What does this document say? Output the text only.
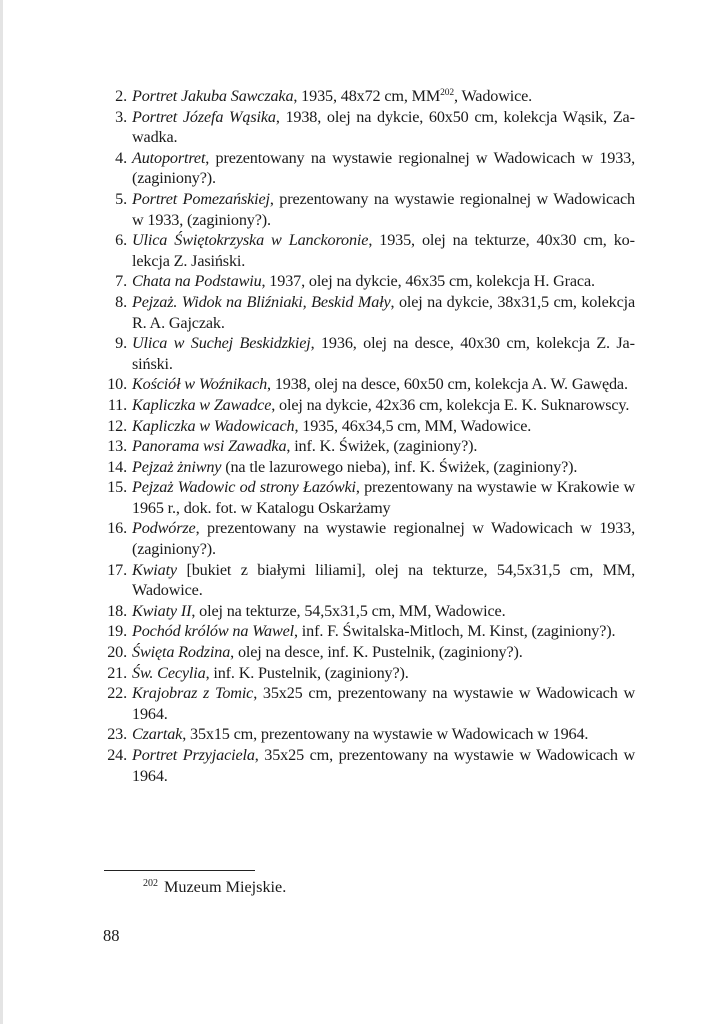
2. Portret Jakuba Sawczaka, 1935, 48x72 cm, MM$^{202}$, Wadowice.
3. Portret Józefa Wąsika, 1938, olej na dykcie, 60x50 cm, kolekcja Wąsik, Zawadka.
4. Autoportret, prezentowany na wystawie regionalnej w Wadowicach w 1933, (zaginiony?).
5. Portret Pomezańskiej, prezentowany na wystawie regionalnej w Wadowicach w 1933, (zaginiony?).
6. Ulica Świętokrzyska w Lanckoronie, 1935, olej na tekturze, 40x30 cm, kolekcja Z. Jasiński.
7. Chata na Podstawiu, 1937, olej na dykcie, 46x35 cm, kolekcja H. Graca.
8. Pejzaż. Widok na Bliźniaki, Beskid Mały, olej na dykcie, 38x31,5 cm, kolekcja R. A. Gajczak.
9. Ulica w Suchej Beskidzkiej, 1936, olej na desce, 40x30 cm, kolekcja Z. Jasiński.
10. Kościół w Woźnikach, 1938, olej na desce, 60x50 cm, kolekcja A. W. Gawęda.
11. Kapliczka w Zawadce, olej na dykcie, 42x36 cm, kolekcja E. K. Suknarowscy.
12. Kapliczka w Wadowicach, 1935, 46x34,5 cm, MM, Wadowice.
13. Panorama wsi Zawadka, inf. K. Świżek, (zaginiony?).
14. Pejzaż żniwny (na tle lazurowego nieba), inf. K. Świżek, (zaginiony?).
15. Pejzaż Wadowic od strony Łazówki, prezentowany na wystawie w Krakowie w 1965 r., dok. fot. w Katalogu Oskarżamy
16. Podwórze, prezentowany na wystawie regionalnej w Wadowicach w 1933, (zaginiony?).
17. Kwiaty [bukiet z białymi liliami], olej na tekturze, 54,5x31,5 cm, MM, Wadowice.
18. Kwiaty II, olej na tekturze, 54,5x31,5 cm, MM, Wadowice.
19. Pochód królów na Wawel, inf. F. Świtalska-Mitloch, M. Kinst, (zaginiony?).
20. Święta Rodzina, olej na desce, inf. K. Pustelnik, (zaginiony?).
21. Św. Cecylia, inf. K. Pustelnik, (zaginiony?).
22. Krajobraz z Tomic, 35x25 cm, prezentowany na wystawie w Wadowicach w 1964.
23. Czartak, 35x15 cm, prezentowany na wystawie w Wadowicach w 1964.
24. Portret Przyjaciela, 35x25 cm, prezentowany na wystawie w Wadowicach w 1964.
$^{202}$ Muzeum Miejskie.
88
